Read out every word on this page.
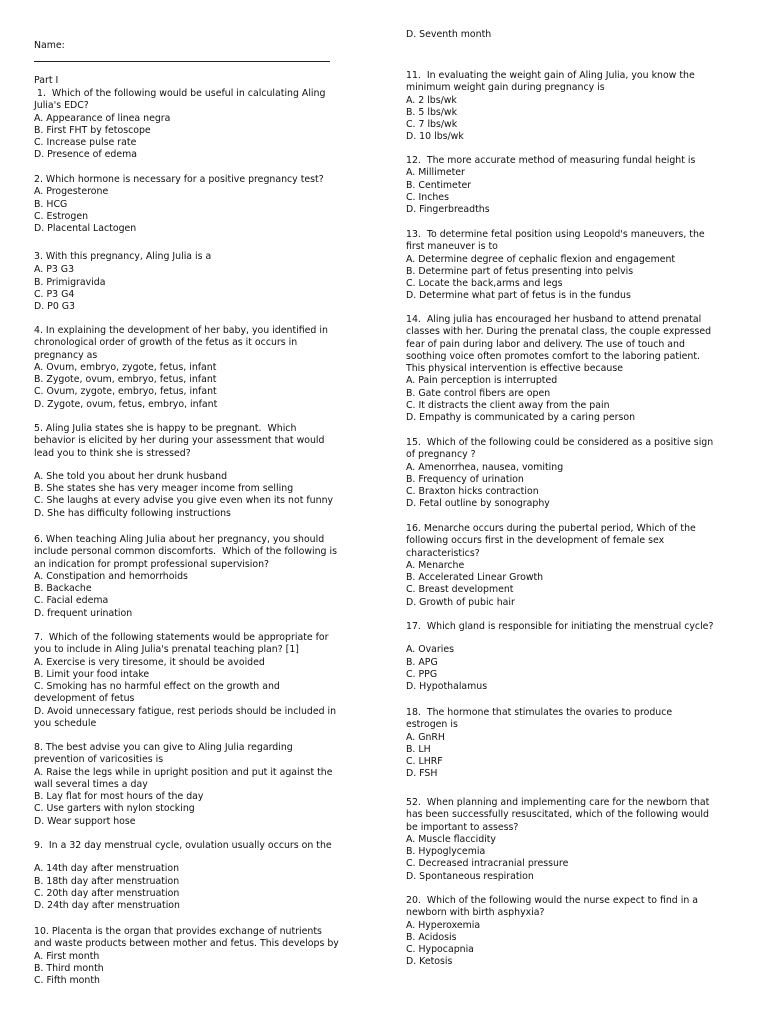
Name:

Part I

1.  Which of the following would be useful in calculating Aling
Julia's EDC?
A. Appearance of linea negra
B. First FHT by fetoscope
C. Increase pulse rate
D. Presence of edema
2. Which hormone is necessary for a positive pregnancy test?
A. Progesterone
B. HCG
C. Estrogen
D. Placental Lactogen
3. With this pregnancy, Aling Julia is a
A. P3 G3
B. Primigravida
C. P3 G4
D. P0 G3
4. In explaining the development of her baby, you identified in
chronological order of growth of the fetus as it occurs in
pregnancy as
A. Ovum, embryo, zygote, fetus, infant
B. Zygote, ovum, embryo, fetus, infant
C. Ovum, zygote, embryo, fetus, infant
D. Zygote, ovum, fetus, embryo, infant
5. Aling Julia states she is happy to be pregnant.  Which
behavior is elicited by her during your assessment that would
lead you to think she is stressed?
A. She told you about her drunk husband
B. She states she has very meager income from selling
C. She laughs at every advise you give even when its not funny
D. She has difficulty following instructions
6. When teaching Aling Julia about her pregnancy, you should
include personal common discomforts.  Which of the following is
an indication for prompt professional supervision?
A. Constipation and hemorrhoids
B. Backache
C. Facial edema
D. frequent urination
7.  Which of the following statements would be appropriate for
you to include in Aling Julia's prenatal teaching plan? [1]
A. Exercise is very tiresome, it should be avoided
B. Limit your food intake
C. Smoking has no harmful effect on the growth and
development of fetus
D. Avoid unnecessary fatigue, rest periods should be included in
you schedule
8. The best advise you can give to Aling Julia regarding
prevention of varicosities is
A. Raise the legs while in upright position and put it against the
wall several times a day
B. Lay flat for most hours of the day
C. Use garters with nylon stocking
D. Wear support hose
9.  In a 32 day menstrual cycle, ovulation usually occurs on the
A. 14th day after menstruation
B. 18th day after menstruation
C. 20th day after menstruation
D. 24th day after menstruation
10. Placenta is the organ that provides exchange of nutrients
and waste products between mother and fetus. This develops by
A. First month
B. Third month
C. Fifth month
D. Seventh month
11.  In evaluating the weight gain of Aling Julia, you know the
minimum weight gain during pregnancy is
A. 2 lbs/wk
B. 5 lbs/wk
C. 7 lbs/wk
D. 10 lbs/wk
12.  The more accurate method of measuring fundal height is
A. Millimeter
B. Centimeter
C. Inches
D. Fingerbreadths
13.  To determine fetal position using Leopold's maneuvers, the
first maneuver is to
A. Determine degree of cephalic flexion and engagement
B. Determine part of fetus presenting into pelvis
C. Locate the back,arms and legs
D. Determine what part of fetus is in the fundus
14.  Aling julia has encouraged her husband to attend prenatal
classes with her. During the prenatal class, the couple expressed
fear of pain during labor and delivery. The use of touch and
soothing voice often promotes comfort to the laboring patient.
This physical intervention is effective because
A. Pain perception is interrupted
B. Gate control fibers are open
C. It distracts the client away from the pain
D. Empathy is communicated by a caring person
15.  Which of the following could be considered as a positive sign
of pregnancy ?
A. Amenorrhea, nausea, vomiting
B. Frequency of urination
C. Braxton hicks contraction
D. Fetal outline by sonography
16. Menarche occurs during the pubertal period, Which of the
following occurs first in the development of female sex
characteristics?
A. Menarche
B. Accelerated Linear Growth
C. Breast development
D. Growth of pubic hair
17.  Which gland is responsible for initiating the menstrual cycle?
A. Ovaries
B. APG
C. PPG
D. Hypothalamus
18.  The hormone that stimulates the ovaries to produce
estrogen is
A. GnRH
B. LH
C. LHRF
D. FSH
52.  When planning and implementing care for the newborn that
has been successfully resuscitated, which of the following would
be important to assess?
A. Muscle flaccidity
B. Hypoglycemia
C. Decreased intracranial pressure
D. Spontaneous respiration
20.  Which of the following would the nurse expect to find in a
newborn with birth asphyxia?
A. Hyperoxemia
B. Acidosis
C. Hypocapnia
D. Ketosis
